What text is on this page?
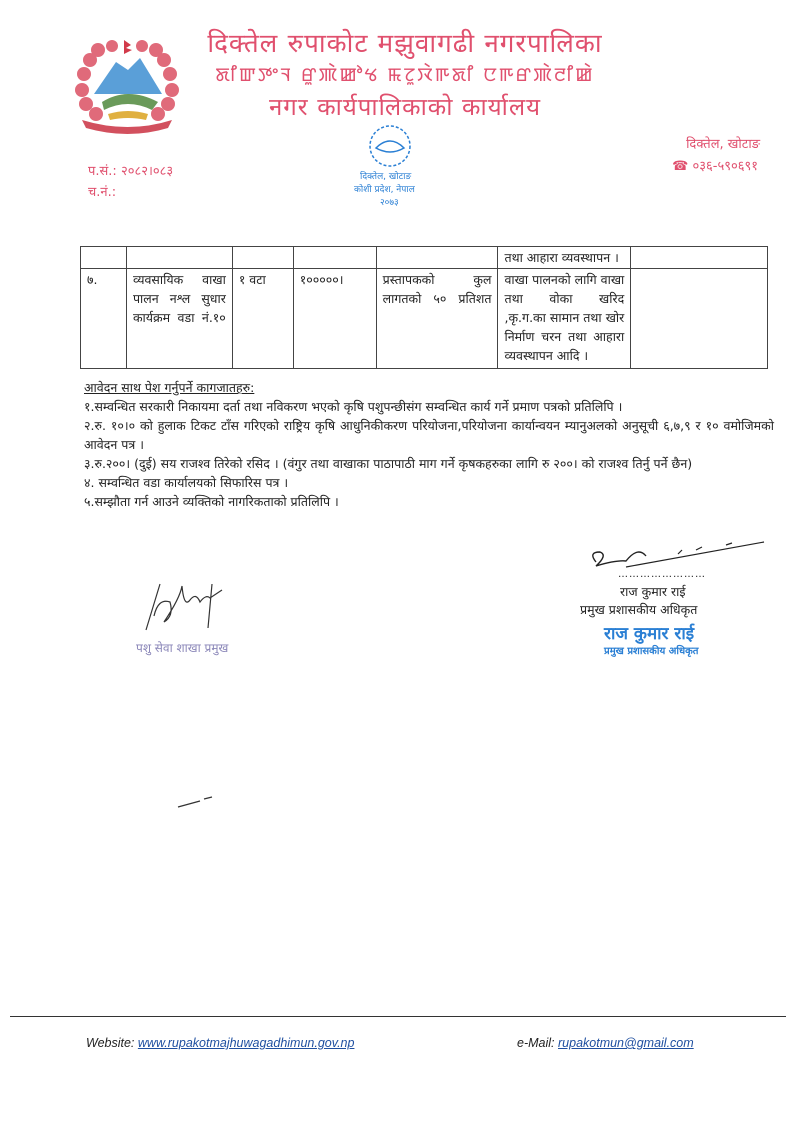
दिक्तेल रुपाकोट मझुवागढी नगरपालिका
ꯗꯤꯛꯇꯦꯜ ꯔꯨꯄꯥꯀꯣꯠ ꯃꯖꯨꯋꯥꯒꯗꯤ ꯅꯒꯔꯄꯥꯂꯤꯀꯥ
नगर कार्यपालिकाको कार्यालय
दिक्तेल, खोटाङ
कोशी प्रदेश, नेपाल
२०७३
दिक्तेल, खोटाङ
☎ ०३६-५९०६९१
प.सं.: २०८२।०८३
च.नं.:
					तथा आहारा व्यवस्थापन ।	
७.	व्यवसायिक वाखा पालन नश्ल सुधार कार्यक्रम वडा नं.१०	१ वटा	१०००००।	प्रस्तापकको कुल लागतको ५० प्रतिशत	वाखा पालनको लागि वाखा तथा वोका खरिद ,कृ.ग.का सामान तथा खोर निर्माण चरन तथा आहारा व्यवस्थापन आदि ।	

आवेदन साथ पेश गर्नुपर्ने कागजातहरु:

१.सम्वन्धित सरकारी निकायमा दर्ता तथा नविकरण भएको कृषि पशुपन्छीसंग सम्वन्धित कार्य गर्ने प्रमाण पत्रको प्रतिलिपि ।

२.रु. १०।० को हुलाक टिकट टाँस गरिएको राष्ट्रिय कृषि आधुनिकीकरण परियोजना,परियोजना कार्यान्वयन म्यानुअलको अनुसूची ६,७,९ र १० वमोजिमको आवेदन पत्र ।

३.रु.२००। (दुई) सय राजश्व तिरेको रसिद । (वंगुर तथा वाखाका पाठापाठी माग गर्ने कृषकहरुका लागि रु २००। को राजश्व तिर्नु पर्ने छैन)

४. सम्वन्धित वडा कार्यालयको सिफारिस पत्र ।

५.सम्झौता गर्न आउने व्यक्तिको नागरिकताको प्रतिलिपि ।

……………………
राज कुमार राई
प्रमुख प्रशासकीय अधिकृत
राज कुमार राई
प्रमुख प्रशासकीय अधिकृत
पशु सेवा शाखा प्रमुख
Website: www.rupakotmajhuwagadhimun.gov.np	e-Mail: rupakotmun@gmail.com
